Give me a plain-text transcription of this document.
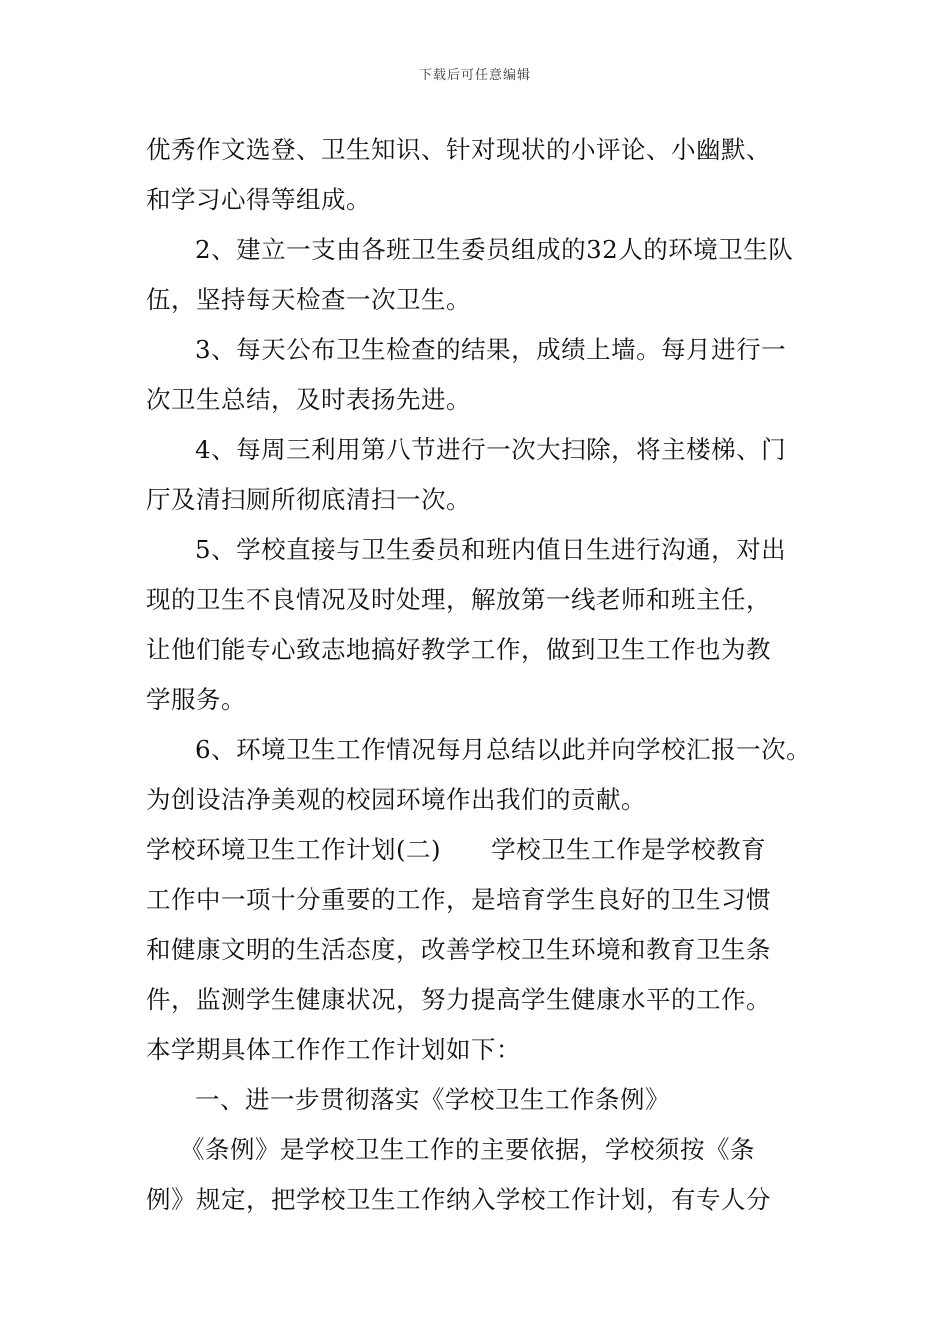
下载后可任意编辑
优秀作文选登、卫生知识、针对现状的小评论、小幽默、
和学习心得等组成。
2、建立一支由各班卫生委员组成的32人的环境卫生队
伍，坚持每天检查一次卫生。
3、每天公布卫生检查的结果，成绩上墙。每月进行一
次卫生总结，及时表扬先进。
4、每周三利用第八节进行一次大扫除，将主楼梯、门
厅及清扫厕所彻底清扫一次。
5、学校直接与卫生委员和班内值日生进行沟通，对出
现的卫生不良情况及时处理，解放第一线老师和班主任，
让他们能专心致志地搞好教学工作，做到卫生工作也为教
学服务。
6、环境卫生工作情况每月总结以此并向学校汇报一次。
为创设洁净美观的校园环境作出我们的贡献。
学校环境卫生工作计划(二)　　学校卫生工作是学校教育
工作中一项十分重要的工作，是培育学生良好的卫生习惯
和健康文明的生活态度，改善学校卫生环境和教育卫生条
件，监测学生健康状况，努力提高学生健康水平的工作。
本学期具体工作作工作计划如下：
一、进一步贯彻落实《学校卫生工作条例》
《条例》是学校卫生工作的主要依据，学校须按《条
例》规定，把学校卫生工作纳入学校工作计划，有专人分
